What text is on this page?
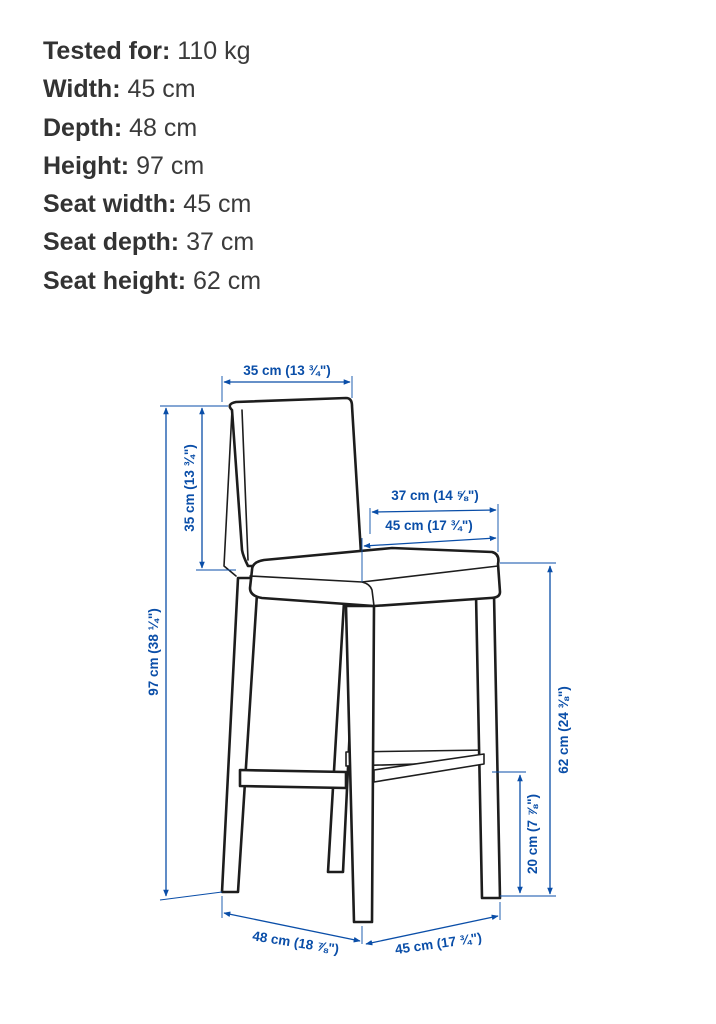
Tested for: 110 kg
Width: 45 cm
Depth: 48 cm
Height: 97 cm
Seat width: 45 cm
Seat depth: 37 cm
Seat height: 62 cm
35 cm (13 ¾")
35 cm (13 ¾")
97 cm (38 ¼")
37 cm (14 ⅝")
45 cm (17 ¾")
62 cm (24 ⅜")
20 cm (7 ⅞")
48 cm (18 ⅞")	45 cm (17 ¾")
